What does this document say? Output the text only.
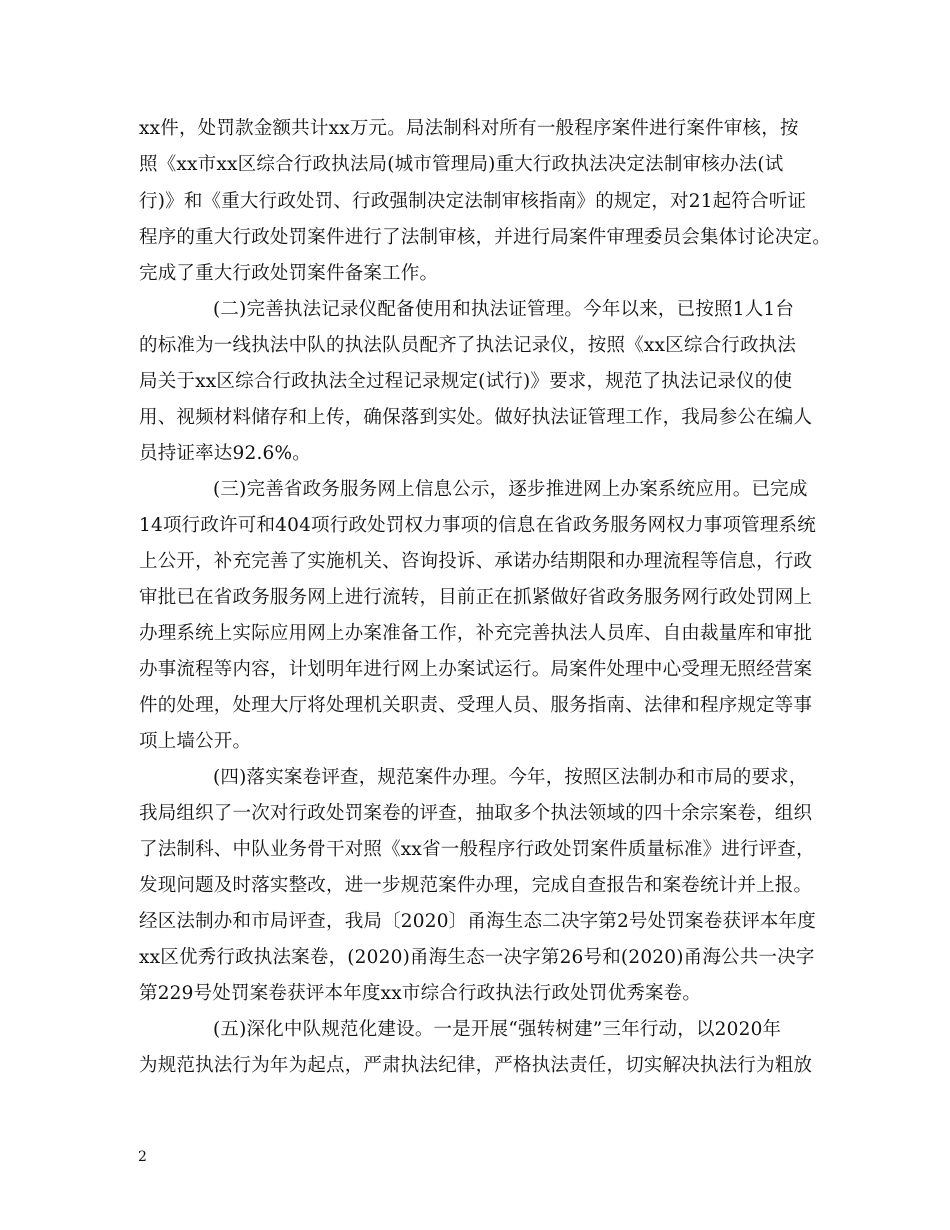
xx件，处罚款金额共计xx万元。局法制科对所有一般程序案件进行案件审核，按
照《xx市xx区综合行政执法局(城市管理局)重大行政执法决定法制审核办法(试
行)》和《重大行政处罚、行政强制决定法制审核指南》的规定，对21起符合听证
程序的重大行政处罚案件进行了法制审核，并进行局案件审理委员会集体讨论决定。
完成了重大行政处罚案件备案工作。
(二)完善执法记录仪配备使用和执法证管理。今年以来，已按照1人1台
的标准为一线执法中队的执法队员配齐了执法记录仪，按照《xx区综合行政执法
局关于xx区综合行政执法全过程记录规定(试行)》要求，规范了执法记录仪的使
用、视频材料储存和上传，确保落到实处。做好执法证管理工作，我局参公在编人
员持证率达92.6%。
(三)完善省政务服务网上信息公示，逐步推进网上办案系统应用。已完成
14项行政许可和404项行政处罚权力事项的信息在省政务服务网权力事项管理系统
上公开，补充完善了实施机关、咨询投诉、承诺办结期限和办理流程等信息，行政
审批已在省政务服务网上进行流转，目前正在抓紧做好省政务服务网行政处罚网上
办理系统上实际应用网上办案准备工作，补充完善执法人员库、自由裁量库和审批
办事流程等内容，计划明年进行网上办案试运行。局案件处理中心受理无照经营案
件的处理，处理大厅将处理机关职责、受理人员、服务指南、法律和程序规定等事
项上墙公开。
(四)落实案卷评查，规范案件办理。今年，按照区法制办和市局的要求，
我局组织了一次对行政处罚案卷的评查，抽取多个执法领域的四十余宗案卷，组织
了法制科、中队业务骨干对照《xx省一般程序行政处罚案件质量标准》进行评查，
发现问题及时落实整改，进一步规范案件办理，完成自查报告和案卷统计并上报。
经区法制办和市局评查，我局〔2020〕甬海生态二决字第2号处罚案卷获评本年度
xx区优秀行政执法案卷，(2020)甬海生态一决字第26号和(2020)甬海公共一决字
第229号处罚案卷获评本年度xx市综合行政执法行政处罚优秀案卷。
(五)深化中队规范化建设。一是开展“强转树建”三年行动，以2020年
为规范执法行为年为起点，严肃执法纪律，严格执法责任，切实解决执法行为粗放
2
